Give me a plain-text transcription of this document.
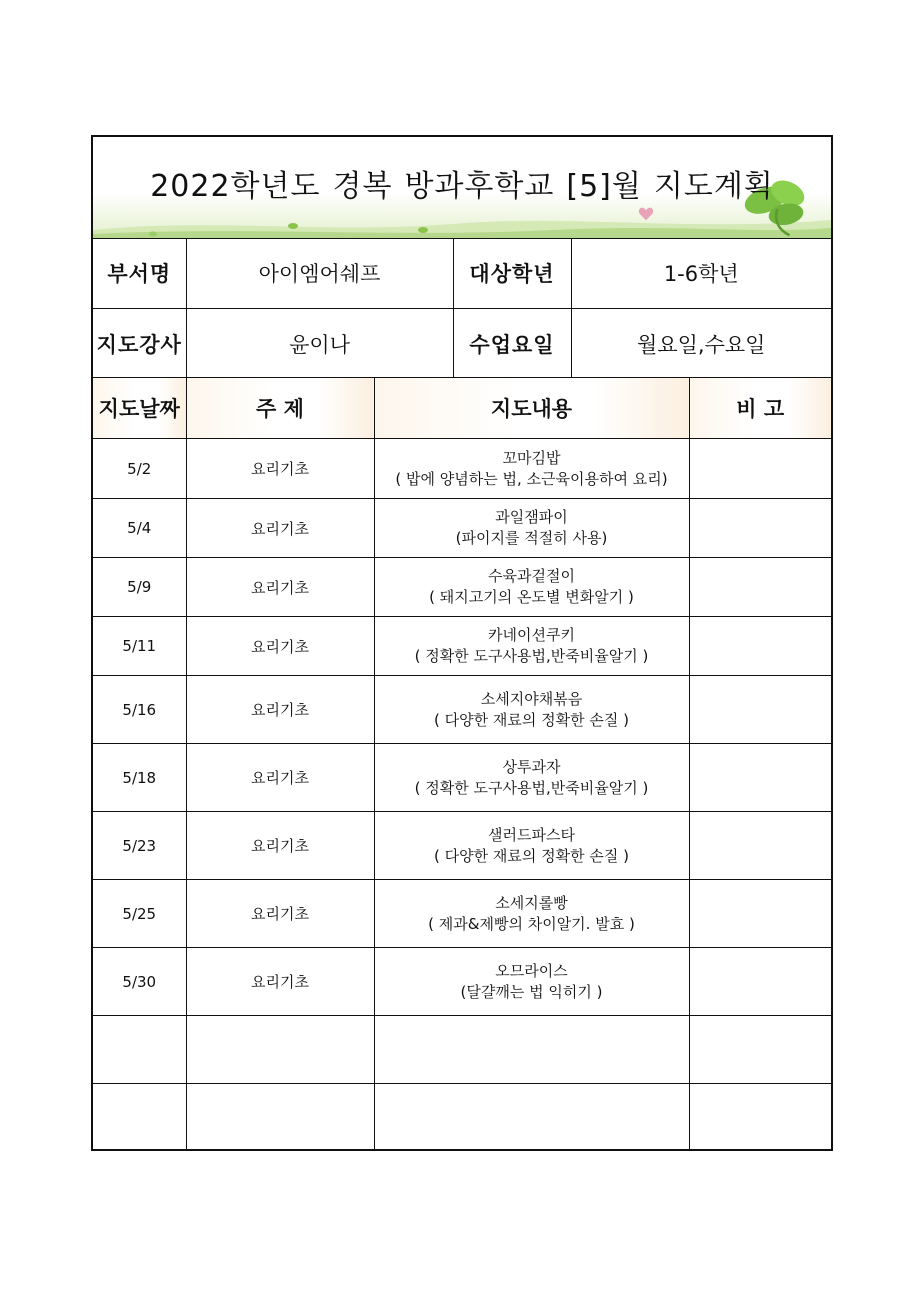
2022학년도 경복 방과후학교 [5]월 지도계획
부서명	아이엠어쉐프	대상학년	1-6학년
지도강사	윤이나	수업요일	월요일,수요일
지도날짜	주 제	지도내용	비 고
5/2	요리기초	꼬마김밥
( 밥에 양념하는 법, 소근육이용하여 요리)	

5/4	요리기초	과일잼파이
(파이지를 적절히 사용)	

5/9	요리기초	수육과겉절이
( 돼지고기의 온도별 변화알기 )	

5/11	요리기초	카네이션쿠키
( 정확한 도구사용법,반죽비율알기 )	

5/16	요리기초	소세지야채볶음
( 다양한 재료의 정확한 손질 )	

5/18	요리기초	상투과자
( 정확한 도구사용법,반죽비율알기 )	

5/23	요리기초	샐러드파스타
( 다양한 재료의 정확한 손질 )	

5/25	요리기초	소세지롤빵
( 제과&제빵의 차이알기. 발효 )	

5/30	요리기초	오므라이스
(달걀깨는 법 익히기 )	
